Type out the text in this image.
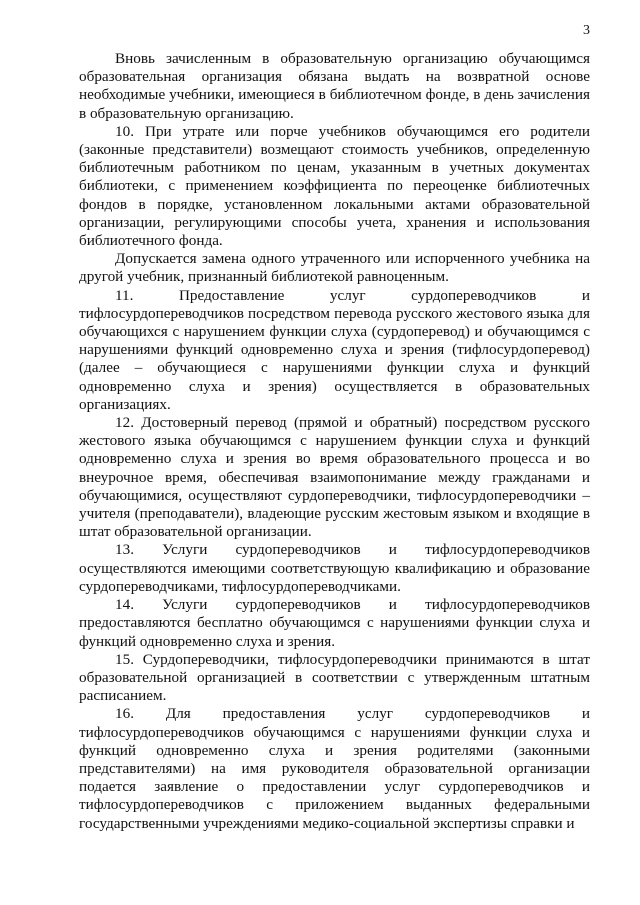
3

Вновь зачисленным в образовательную организацию обучающимся образовательная организация обязана выдать на возвратной основе необходимые учебники, имеющиеся в библиотечном фонде, в день зачисления в образовательную организацию.

10. При утрате или порче учебников обучающимся его родители (законные представители) возмещают стоимость учебников, определенную библиотечным работником по ценам, указанным в учетных документах библиотеки, с применением коэффициента по переоценке библиотечных фондов в порядке, установленном локальными актами образовательной организации, регулирующими способы учета, хранения и использования библиотечного фонда.

Допускается замена одного утраченного или испорченного учебника на другой учебник, признанный библиотекой равноценным.

11. Предоставление услуг сурдопереводчиков и тифлосурдопереводчиков посредством перевода русского жестового языка для обучающихся с нарушением функции слуха (сурдоперевод) и обучающимся с нарушениями функций одновременно слуха и зрения (тифлосурдоперевод) (далее – обучающиеся с нарушениями функции слуха и функций одновременно слуха и зрения) осуществляется в образовательных организациях.

12. Достоверный перевод (прямой и обратный) посредством русского жестового языка обучающимся с нарушением функции слуха и функций одновременно слуха и зрения во время образовательного процесса и во внеурочное время, обеспечивая взаимопонимание между гражданами и обучающимися, осуществляют сурдопереводчики, тифлосурдопереводчики – учителя (преподаватели), владеющие русским жестовым языком и входящие в штат образовательной организации.

13. Услуги сурдопереводчиков и тифлосурдопереводчиков осуществляются имеющими соответствующую квалификацию и образование сурдопереводчиками, тифлосурдопереводчиками.

14. Услуги сурдопереводчиков и тифлосурдопереводчиков предоставляются бесплатно обучающимся с нарушениями функции слуха и функций одновременно слуха и зрения.

15. Сурдопереводчики, тифлосурдопереводчики принимаются в штат образовательной организацией в соответствии с утвержденным штатным расписанием.

16. Для предоставления услуг сурдопереводчиков и тифлосурдопереводчиков обучающимся с нарушениями функции слуха и функций одновременно слуха и зрения родителями (законными представителями) на имя руководителя образовательной организации подается заявление о предоставлении услуг сурдопереводчиков и тифлосурдопереводчиков с приложением выданных федеральными государственными учреждениями медико-социальной экспертизы справки и
